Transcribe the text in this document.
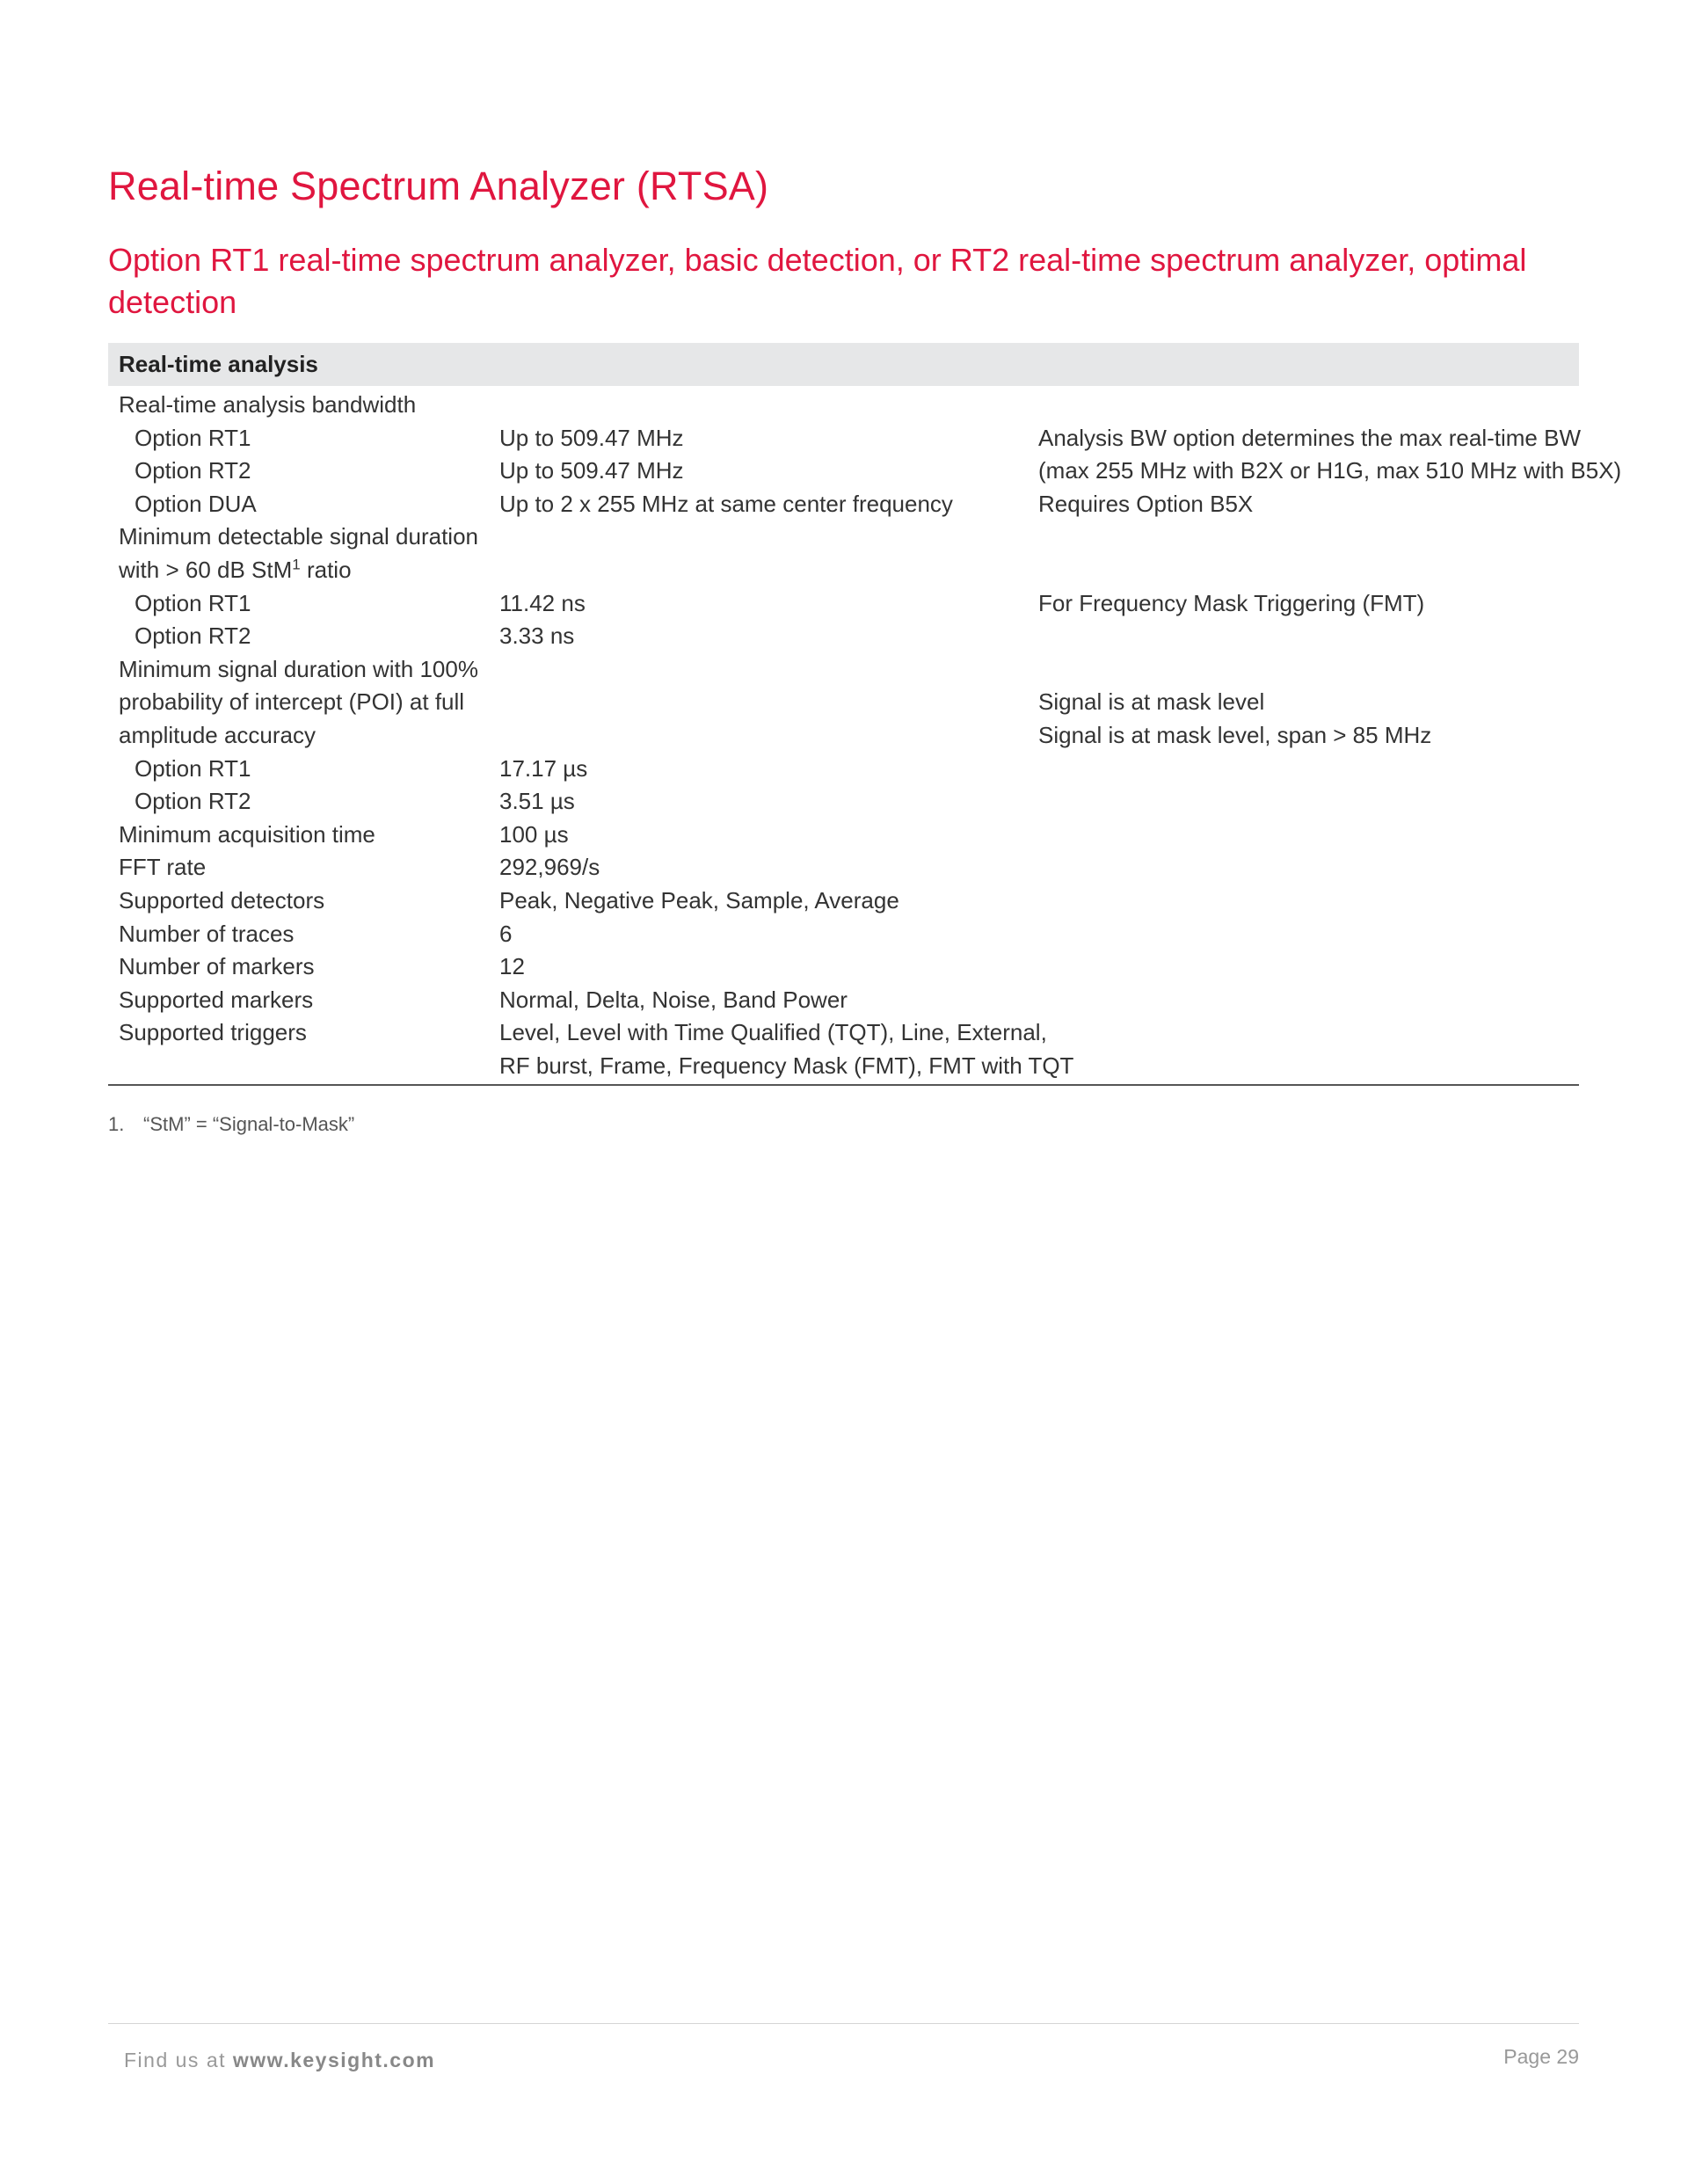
Real-time Spectrum Analyzer (RTSA)
Option RT1 real-time spectrum analyzer, basic detection, or RT2 real-time spectrum analyzer, optimal detection
Real-time analysis
Real-time analysis bandwidth
Option RT1	Up to 509.47 MHz	Analysis BW option determines the max real-time BW
Option RT2	Up to 509.47 MHz	(max 255 MHz with B2X or H1G, max 510 MHz with B5X)
Option DUA	Up to 2 x 255 MHz at same center frequency	Requires Option B5X
Minimum detectable signal duration
with > 60 dB StM$^1$ ratio
Option RT1	11.42 ns	For Frequency Mask Triggering (FMT)
Option RT2	3.33 ns
Minimum signal duration with 100%
probability of intercept (POI) at full	Signal is at mask level
amplitude accuracy	Signal is at mask level, span > 85 MHz
Option RT1	17.17 µs
Option RT2	3.51 µs
Minimum acquisition time	100 µs
FFT rate	292,969/s
Supported detectors	Peak, Negative Peak, Sample, Average
Number of traces	6
Number of markers	12
Supported markers	Normal, Delta, Noise, Band Power
Supported triggers	Level, Level with Time Qualified (TQT), Line, External,
RF burst, Frame, Frequency Mask (FMT), FMT with TQT
1. “StM” = “Signal-to-Mask”
Find us at www.keysight.com	Page 29
